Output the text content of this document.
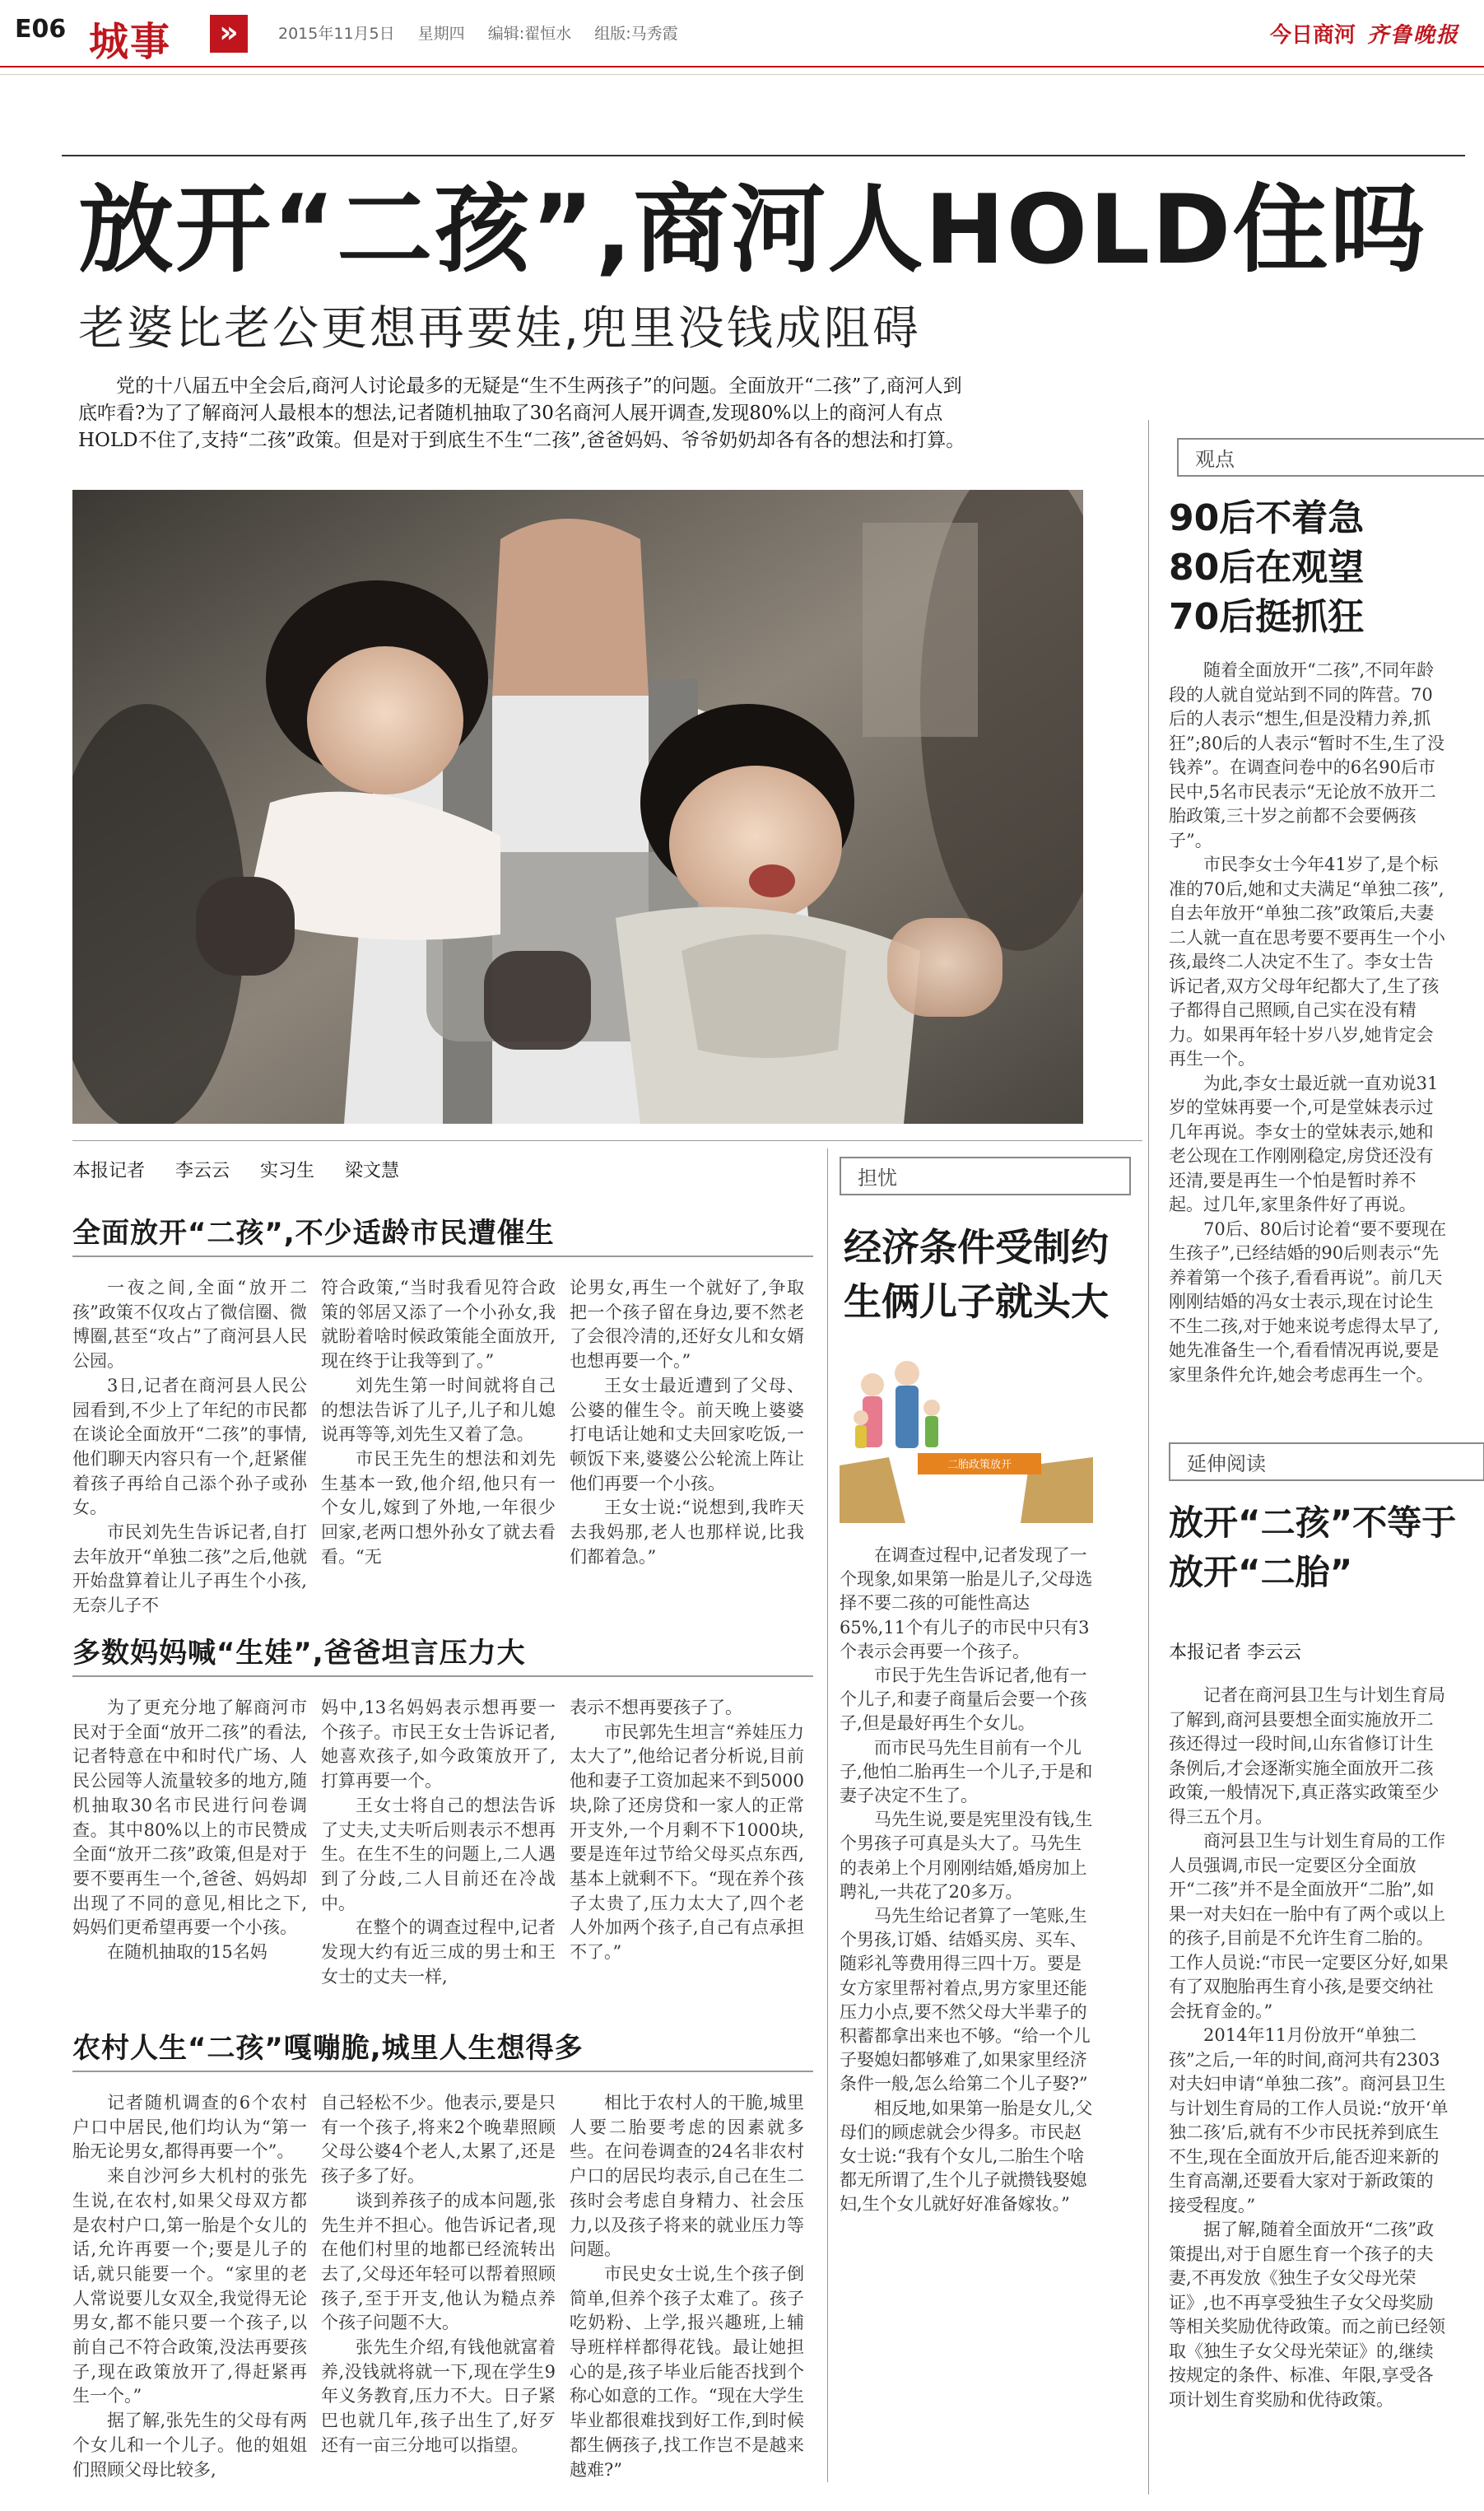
E06 城事	»	2015年11月5日 星期四 编辑:翟恒水 组版:马秀霞	今日商河 齐鲁晚报
放开“二孩”,商河人HOLD住吗
老婆比老公更想再要娃,兜里没钱成阻碍
党的十八届五中全会后,商河人讨论最多的无疑是“生不生两孩子”的问题。全面放开“二孩”了,商河人到底咋看?为了了解商河人最根本的想法,记者随机抽取了30名商河人展开调查,发现80%以上的商河人有点HOLD不住了,支持“二孩”政策。但是对于到底生不生“二孩”,爸爸妈妈、爷爷奶奶却各有各的想法和打算。
观点
90后不着急
80后在观望
70后挺抓狂

随着全面放开“二孩”,不同年龄段的人就自觉站到不同的阵营。70后的人表示“想生,但是没精力养,抓狂”;80后的人表示“暂时不生,生了没钱养”。在调查问卷中的6名90后市民中,5名市民表示“无论放不放开二胎政策,三十岁之前都不会要俩孩子”。

市民李女士今年41岁了,是个标准的70后,她和丈夫满足“单独二孩”,自去年放开“单独二孩”政策后,夫妻二人就一直在思考要不要再生一个小孩,最终二人决定不生了。李女士告诉记者,双方父母年纪都大了,生了孩子都得自己照顾,自己实在没有精力。如果再年轻十岁八岁,她肯定会再生一个。

为此,李女士最近就一直劝说31岁的堂妹再要一个,可是堂妹表示过几年再说。李女士的堂妹表示,她和老公现在工作刚刚稳定,房贷还没有还清,要是再生一个怕是暂时养不起。过几年,家里条件好了再说。

70后、80后讨论着“要不要现在生孩子”,已经结婚的90后则表示“先养着第一个孩子,看看再说”。前几天刚刚结婚的冯女士表示,现在讨论生不生二孩,对于她来说考虑得太早了,她先准备生一个,看看情况再说,要是家里条件允许,她会考虑再生一个。

延伸阅读
放开“二孩”不等于
放开“二胎”
本报记者 李云云

记者在商河县卫生与计划生育局了解到,商河县要想全面实施放开二孩还得过一段时间,山东省修订计生条例后,才会逐渐实施全面放开二孩政策,一般情况下,真正落实政策至少得三五个月。

商河县卫生与计划生育局的工作人员强调,市民一定要区分全面放开“二孩”并不是全面放开“二胎”,如果一对夫妇在一胎中有了两个或以上的孩子,目前是不允许生育二胎的。工作人员说:“市民一定要区分好,如果有了双胞胎再生育小孩,是要交纳社会抚育金的。”

2014年11月份放开“单独二孩”之后,一年的时间,商河共有2303对夫妇申请“单独二孩”。商河县卫生与计划生育局的工作人员说:“放开‘单独二孩’后,就有不少市民抚养到底生不生,现在全面放开后,能否迎来新的生育高潮,还要看大家对于新政策的接受程度。”

据了解,随着全面放开“二孩”政策提出,对于自愿生育一个孩子的夫妻,不再发放《独生子女父母光荣证》,也不再享受独生子女父母奖励等相关奖励优待政策。而之前已经领取《独生子女父母光荣证》的,继续按规定的条件、标准、年限,享受各项计划生育奖励和优待政策。

本报记者 李云云 实习生 梁文慧
全面放开“二孩”,不少适龄市民遭催生

一夜之间,全面“放开二孩”政策不仅攻占了微信圈、微博圈,甚至“攻占”了商河县人民公园。

3日,记者在商河县人民公园看到,不少上了年纪的市民都在谈论全面放开“二孩”的事情,他们聊天内容只有一个,赶紧催着孩子再给自己添个孙子或孙女。

市民刘先生告诉记者,自打去年放开“单独二孩”之后,他就开始盘算着让儿子再生个小孩,无奈儿子不

符合政策,“当时我看见符合政策的邻居又添了一个小孙女,我就盼着啥时候政策能全面放开,现在终于让我等到了。”

刘先生第一时间就将自己的想法告诉了儿子,儿子和儿媳说再等等,刘先生又着了急。

市民王先生的想法和刘先生基本一致,他介绍,他只有一个女儿,嫁到了外地,一年很少回家,老两口想外孙女了就去看看。“无

论男女,再生一个就好了,争取把一个孩子留在身边,要不然老了会很冷清的,还好女儿和女婿也想再要一个。”

王女士最近遭到了父母、公婆的催生令。前天晚上婆婆打电话让她和丈夫回家吃饭,一顿饭下来,婆婆公公轮流上阵让他们再要一个小孩。

王女士说:“说想到,我昨天去我妈那,老人也那样说,比我们都着急。”

多数妈妈喊“生娃”,爸爸坦言压力大

为了更充分地了解商河市民对于全面“放开二孩”的看法,记者特意在中和时代广场、人民公园等人流量较多的地方,随机抽取30名市民进行问卷调查。其中80%以上的市民赞成全面“放开二孩”政策,但是对于要不要再生一个,爸爸、妈妈却出现了不同的意见,相比之下,妈妈们更希望再要一个小孩。

在随机抽取的15名妈

妈中,13名妈妈表示想再要一个孩子。市民王女士告诉记者,她喜欢孩子,如今政策放开了,打算再要一个。

王女士将自己的想法告诉了丈夫,丈夫听后则表示不想再生。在生不生的问题上,二人遇到了分歧,二人目前还在冷战中。

在整个的调查过程中,记者发现大约有近三成的男士和王女士的丈夫一样,

表示不想再要孩子了。

市民郭先生坦言“养娃压力太大了”,他给记者分析说,目前他和妻子工资加起来不到5000块,除了还房贷和一家人的正常开支外,一个月剩不下1000块,要是连年过节给父母买点东西,基本上就剩不下。“现在养个孩子太贵了,压力太大了,四个老人外加两个孩子,自己有点承担不了。”

农村人生“二孩”嘎嘣脆,城里人生想得多

记者随机调查的6个农村户口中居民,他们均认为“第一胎无论男女,都得再要一个”。

来自沙河乡大机村的张先生说,在农村,如果父母双方都是农村户口,第一胎是个女儿的话,允许再要一个;要是儿子的话,就只能要一个。“家里的老人常说要儿女双全,我觉得无论男女,都不能只要一个孩子,以前自己不符合政策,没法再要孩子,现在政策放开了,得赶紧再生一个。”

据了解,张先生的父母有两个女儿和一个儿子。他的姐姐们照顾父母比较多,

自己轻松不少。他表示,要是只有一个孩子,将来2个晚辈照顾父母公婆4个老人,太累了,还是孩子多了好。

谈到养孩子的成本问题,张先生并不担心。他告诉记者,现在他们村里的地都已经流转出去了,父母还年轻可以帮着照顾孩子,至于开支,他认为糙点养个孩子问题不大。

张先生介绍,有钱他就富着养,没钱就将就一下,现在学生9年义务教育,压力不大。日子紧巴也就几年,孩子出生了,好歹还有一亩三分地可以指望。

相比于农村人的干脆,城里人要二胎要考虑的因素就多些。在问卷调查的24名非农村户口的居民均表示,自己在生二孩时会考虑自身精力、社会压力,以及孩子将来的就业压力等问题。

市民史女士说,生个孩子倒简单,但养个孩子太难了。孩子吃奶粉、上学,报兴趣班,上辅导班样样都得花钱。最让她担心的是,孩子毕业后能否找到个称心如意的工作。“现在大学生毕业都很难找到好工作,到时候都生俩孩子,找工作岂不是越来越难?”

担忧
经济条件受制约
生俩儿子就头大
二胎政策放开

在调查过程中,记者发现了一个现象,如果第一胎是儿子,父母选择不要二孩的可能性高达65%,11个有儿子的市民中只有3个表示会再要一个孩子。

市民于先生告诉记者,他有一个儿子,和妻子商量后会要一个孩子,但是最好再生个女儿。

而市民马先生目前有一个儿子,他怕二胎再生一个儿子,于是和妻子决定不生了。

马先生说,要是宪里没有钱,生个男孩子可真是头大了。马先生的表弟上个月刚刚结婚,婚房加上聘礼,一共花了20多万。

马先生给记者算了一笔账,生个男孩,订婚、结婚买房、买车、随彩礼等费用得三四十万。要是女方家里帮衬着点,男方家里还能压力小点,要不然父母大半辈子的积蓄都拿出来也不够。“给一个儿子娶媳妇都够难了,如果家里经济条件一般,怎么给第二个儿子娶?”

相反地,如果第一胎是女儿,父母们的顾虑就会少得多。市民赵女士说:“我有个女儿,二胎生个啥都无所谓了,生个儿子就攒钱娶媳妇,生个女儿就好好准备嫁妆。”
